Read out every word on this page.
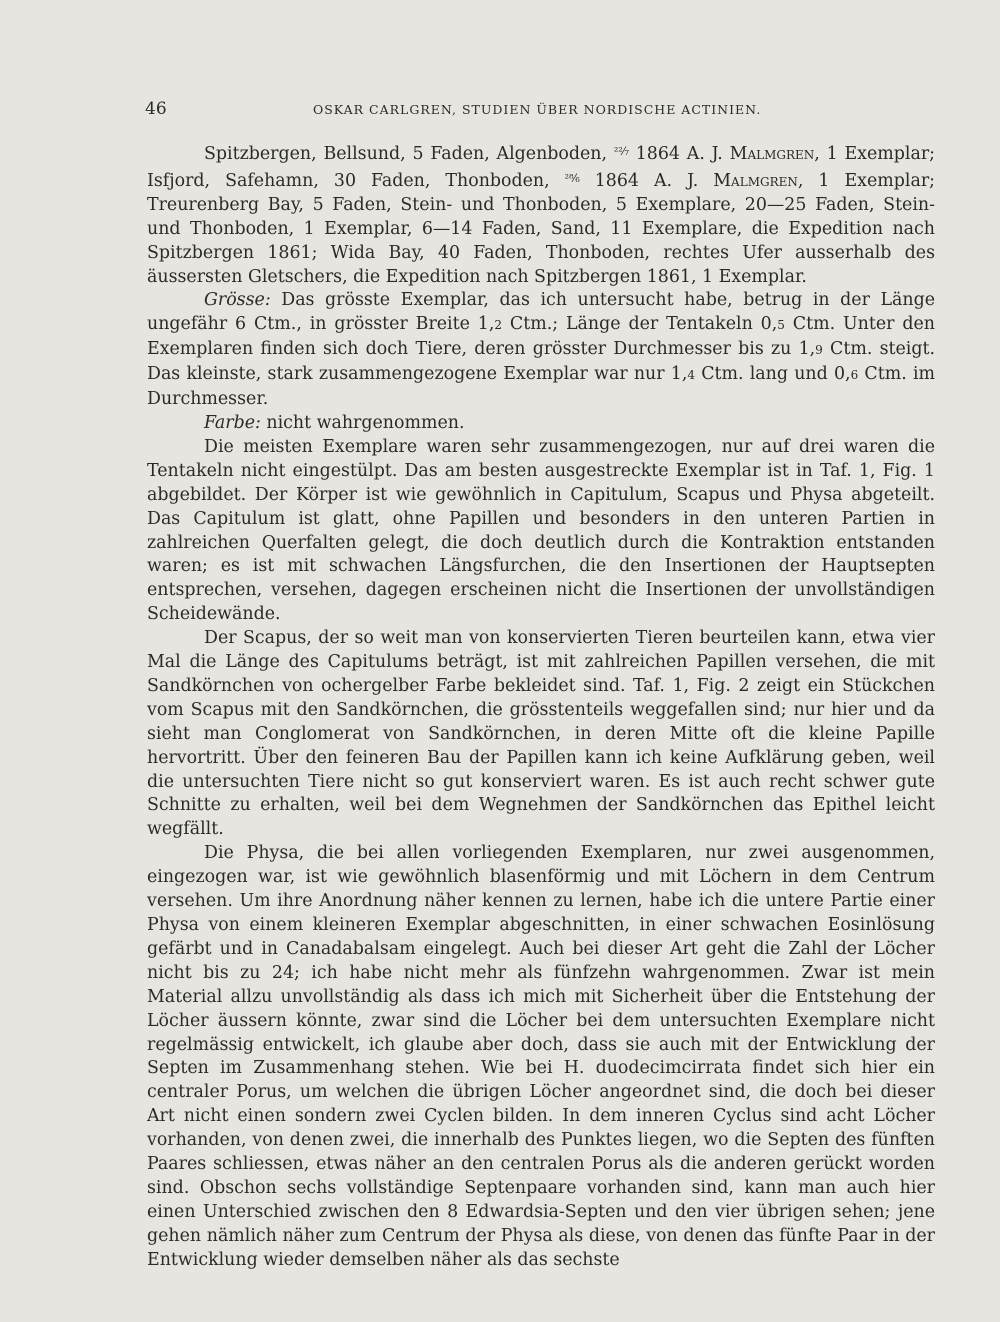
46	OSKAR CARLGREN, STUDIEN ÜBER NORDISCHE ACTINIEN.

Spitzbergen, Bellsund, 5 Faden, Algenboden, $^{^{22}⁄_7}$ 1864 A. J. Malmgren, 1 Exemplar; Isfjord, Safehamn, 30 Faden, Thonboden, $^{^{28}⁄_6}$ 1864 A. J. Malmgren, 1 Exemplar; Treurenberg Bay, 5 Faden, Stein- und Thonboden, 5 Exemplare, 20—25 Faden, Stein- und Thonboden, 1 Exemplar, 6—14 Faden, Sand, 11 Exemplare, die Expedition nach Spitzbergen 1861; Wida Bay, 40 Faden, Thonboden, rechtes Ufer ausserhalb des äussersten Gletschers, die Expedition nach Spitzbergen 1861, 1 Exemplar.

Grösse: Das grösste Exemplar, das ich untersucht habe, betrug in der Länge ungefähr 6 Ctm., in grösster Breite 1,2 Ctm.; Länge der Tentakeln 0,5 Ctm. Unter den Exemplaren finden sich doch Tiere, deren grösster Durchmesser bis zu 1,9 Ctm. steigt. Das kleinste, stark zusammengezogene Exemplar war nur 1,4 Ctm. lang und 0,6 Ctm. im Durchmesser.

Farbe: nicht wahrgenommen.

Die meisten Exemplare waren sehr zusammengezogen, nur auf drei waren die Tentakeln nicht eingestülpt. Das am besten ausgestreckte Exemplar ist in Taf. 1, Fig. 1 abgebildet. Der Körper ist wie gewöhnlich in Capitulum, Scapus und Physa abgeteilt. Das Capitulum ist glatt, ohne Papillen und besonders in den unteren Partien in zahlreichen Querfalten gelegt, die doch deutlich durch die Kontraktion entstanden waren; es ist mit schwachen Längsfurchen, die den Insertionen der Hauptsepten entsprechen, versehen, dagegen erscheinen nicht die Insertionen der unvollständigen Scheidewände.

Der Scapus, der so weit man von konservierten Tieren beurteilen kann, etwa vier Mal die Länge des Capitulums beträgt, ist mit zahlreichen Papillen versehen, die mit Sandkörnchen von ochergelber Farbe bekleidet sind. Taf. 1, Fig. 2 zeigt ein Stückchen vom Scapus mit den Sandkörnchen, die grösstenteils weggefallen sind; nur hier und da sieht man Conglomerat von Sandkörnchen, in deren Mitte oft die kleine Papille hervortritt. Über den feineren Bau der Papillen kann ich keine Aufklärung geben, weil die untersuchten Tiere nicht so gut konserviert waren. Es ist auch recht schwer gute Schnitte zu erhalten, weil bei dem Wegnehmen der Sandkörnchen das Epithel leicht wegfällt.

Die Physa, die bei allen vorliegenden Exemplaren, nur zwei ausgenommen, eingezogen war, ist wie gewöhnlich blasenförmig und mit Löchern in dem Centrum versehen. Um ihre Anordnung näher kennen zu lernen, habe ich die untere Partie einer Physa von einem kleineren Exemplar abgeschnitten, in einer schwachen Eosinlösung gefärbt und in Canadabalsam eingelegt. Auch bei dieser Art geht die Zahl der Löcher nicht bis zu 24; ich habe nicht mehr als fünfzehn wahrgenommen. Zwar ist mein Material allzu unvollständig als dass ich mich mit Sicherheit über die Entstehung der Löcher äussern könnte, zwar sind die Löcher bei dem untersuchten Exemplare nicht regelmässig entwickelt, ich glaube aber doch, dass sie auch mit der Entwicklung der Septen im Zusammenhang stehen. Wie bei H. duodecimcirrata findet sich hier ein centraler Porus, um welchen die übrigen Löcher angeordnet sind, die doch bei dieser Art nicht einen sondern zwei Cyclen bilden. In dem inneren Cyclus sind acht Löcher vorhanden, von denen zwei, die innerhalb des Punktes liegen, wo die Septen des fünften Paares schliessen, etwas näher an den centralen Porus als die anderen gerückt worden sind. Obschon sechs vollständige Septenpaare vorhanden sind, kann man auch hier einen Unterschied zwischen den 8 Edwardsia-Septen und den vier übrigen sehen; jene gehen nämlich näher zum Centrum der Physa als diese, von denen das fünfte Paar in der Entwicklung wieder demselben näher als das sechste
